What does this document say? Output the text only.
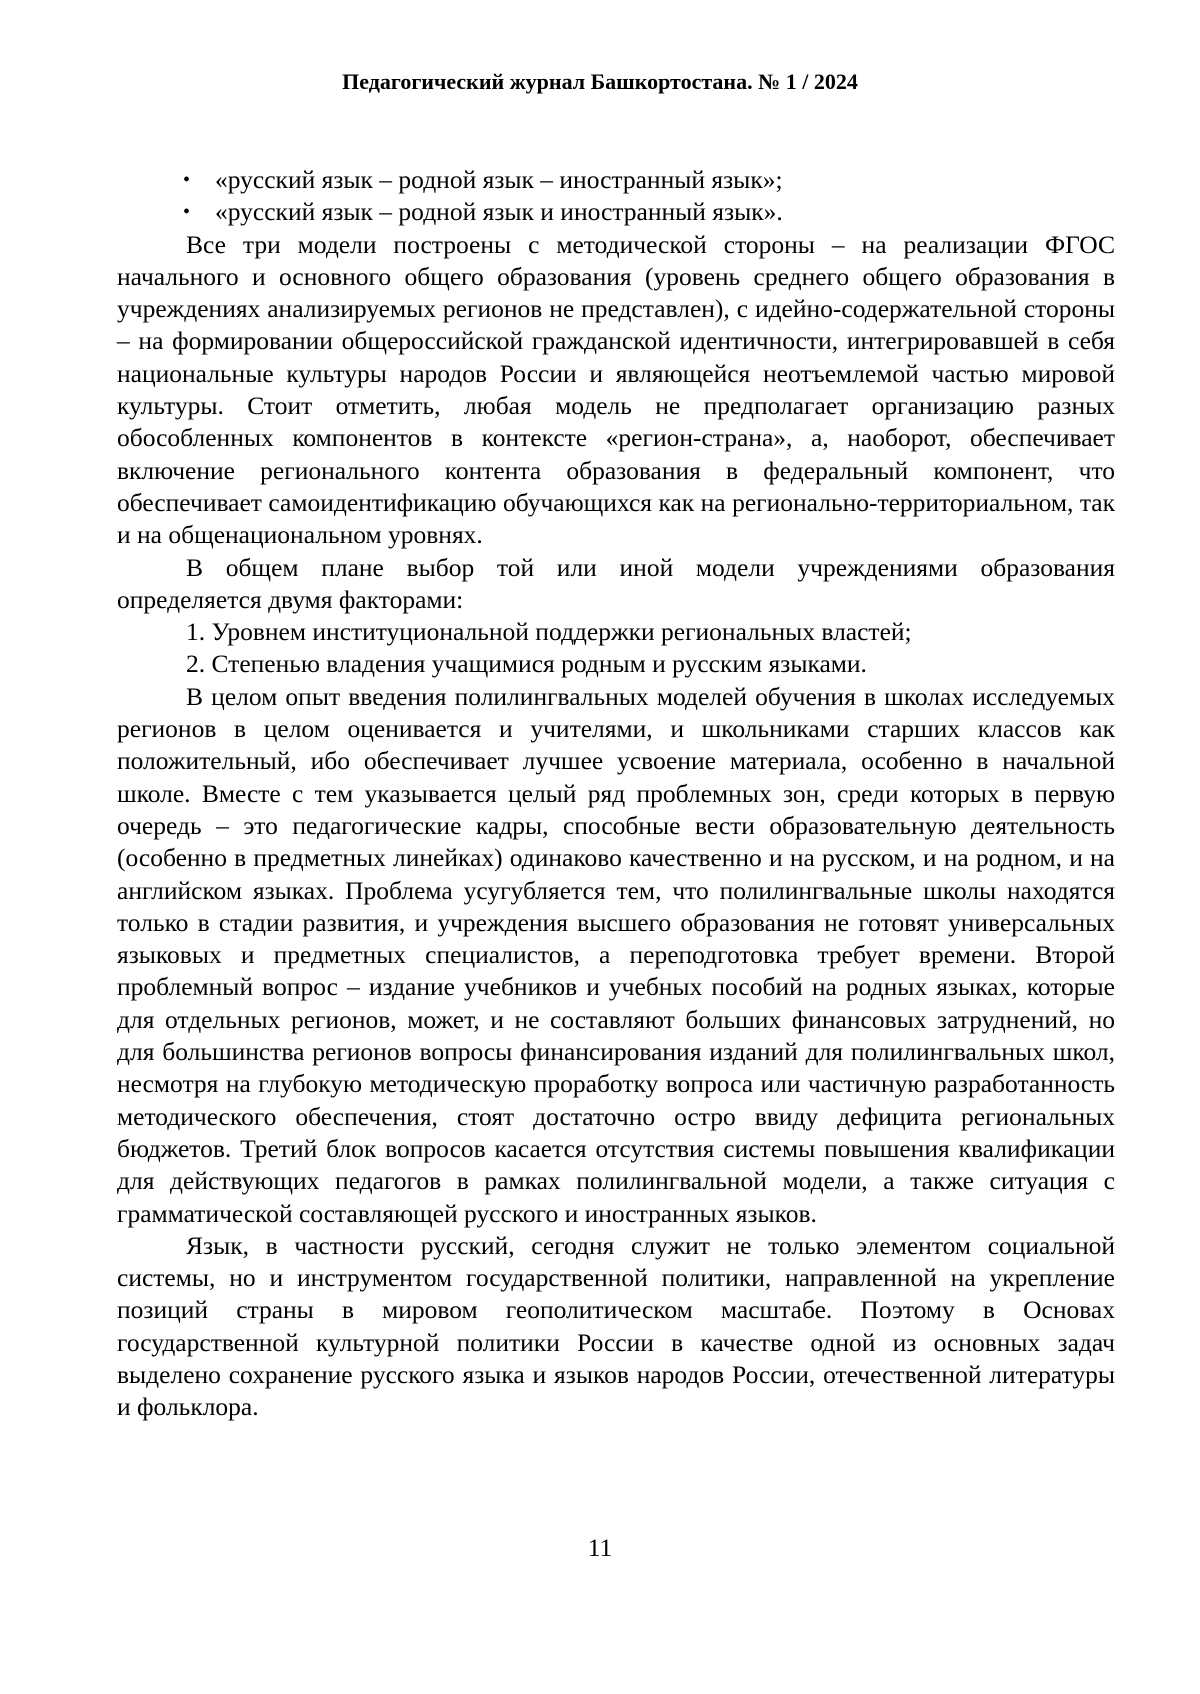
Педагогический журнал Башкортостана. № 1 / 2024
• «русский язык – родной язык – иностранный язык»;
• «русский язык – родной язык и иностранный язык».

Все три модели построены с методической стороны – на реализации ФГОС начального и основного общего образования (уровень среднего общего образования в учреждениях анализируемых регионов не представлен), с идейно-содержательной стороны – на формировании общероссийской гражданской идентичности, интегрировавшей в себя национальные культуры народов России и являющейся неотъемлемой частью мировой культуры. Стоит отметить, любая модель не предполагает организацию разных обособленных компонентов в контексте «регион-страна», а, наоборот, обеспечивает включение регионального контента образования в федеральный компонент, что обеспечивает самоидентификацию обучающихся как на регионально-территориальном, так и на общенациональном уровнях.

В общем плане выбор той или иной модели учреждениями образования определяется двумя факторами:

1. Уровнем институциональной поддержки региональных властей;

2. Степенью владения учащимися родным и русским языками.

В целом опыт введения полилингвальных моделей обучения в школах исследуемых регионов в целом оценивается и учителями, и школьниками старших классов как положительный, ибо обеспечивает лучшее усвоение материала, особенно в начальной школе. Вместе с тем указывается целый ряд проблемных зон, среди которых в первую очередь – это педагогические кадры, способные вести образовательную деятельность (особенно в предметных линейках) одинаково качественно и на русском, и на родном, и на английском языках. Проблема усугубляется тем, что полилингвальные школы находятся только в стадии развития, и учреждения высшего образования не готовят универсальных языковых и предметных специалистов, а переподготовка требует времени. Второй проблемный вопрос – издание учебников и учебных пособий на родных языках, которые для отдельных регионов, может, и не составляют больших финансовых затруднений, но для большинства регионов вопросы финансирования изданий для полилингвальных школ, несмотря на глубокую методическую проработку вопроса или частичную разработанность методического обеспечения, стоят достаточно остро ввиду дефицита региональных бюджетов. Третий блок вопросов касается отсутствия системы повышения квалификации для действующих педагогов в рамках полилингвальной модели, а также ситуация с грамматической составляющей русского и иностранных языков.

Язык, в частности русский, сегодня служит не только элементом социальной системы, но и инструментом государственной политики, направленной на укрепление позиций страны в мировом геополитическом масштабе. Поэтому в Основах государственной культурной политики России в качестве одной из основных задач выделено сохранение русского языка и языков народов России, отечественной литературы и фольклора.

11
